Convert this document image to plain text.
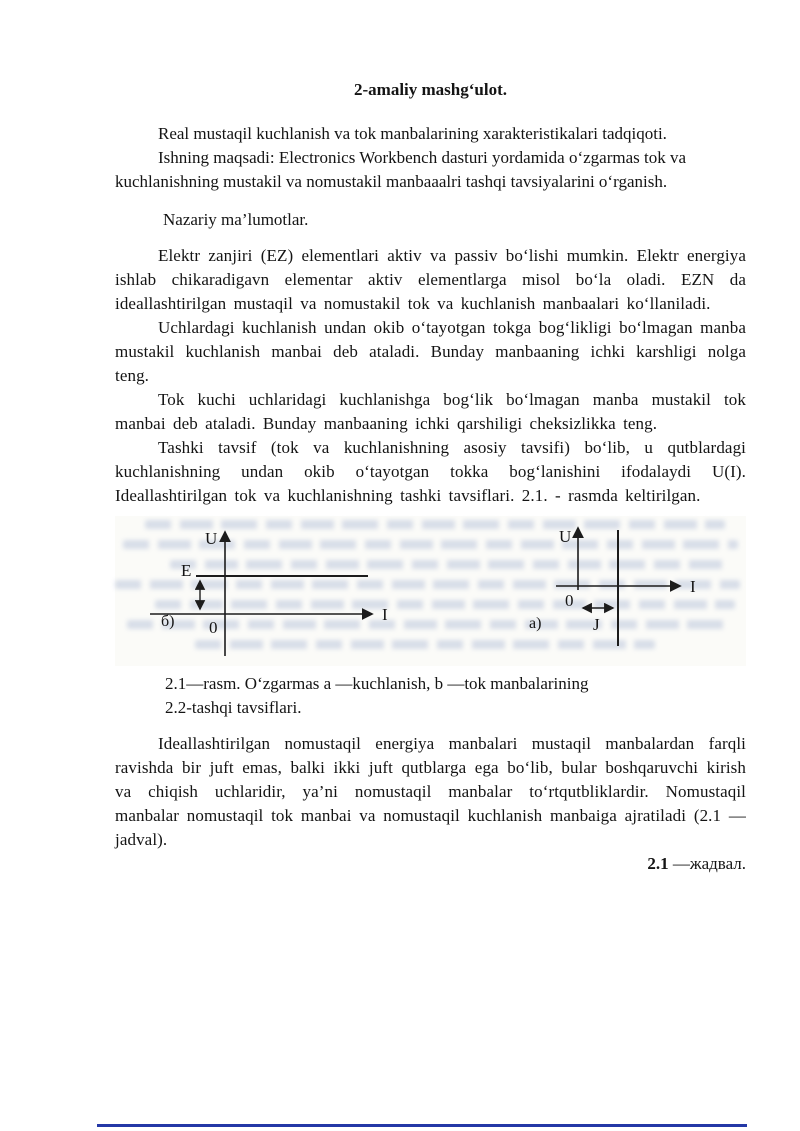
2-amaliy mashg‘ulot.

Real mustaqil kuchlanish va tok manbalarining xarakteristikalari tadqiqoti.

Ishning maqsadi: Electronics Workbench dasturi yordamida o‘zgarmas tok va kuchlanishning mustakil va nomustakil manbaaalri tashqi tavsiyalarini o‘rganish.

Nazariy ma’lumotlar.

Elektr zanjiri (EZ) elementlari aktiv va passiv bo‘lishi mumkin. Elektr energiya ishlab chikaradigavn elementar aktiv elementlarga misol bo‘la oladi. EZN da ideallashtirilgan mustaqil va nomustakil tok va kuchlanish manbaalari ko‘llaniladi.

Uchlardagi kuchlanish undan okib o‘tayotgan tokga bog‘likligi bo‘lmagan manba mustakil kuchlanish manbai deb ataladi. Bunday manbaaning ichki karshligi nolga teng.

Tok kuchi uchlaridagi kuchlanishga bog‘lik bo‘lmagan manba mustakil tok manbai deb ataladi. Bunday manbaaning ichki qarshiligi cheksizlikka teng.

Tashki tavsif (tok va kuchlanishning asosiy tavsifi) bo‘lib, u qutblardagi kuchlanishning undan okib o‘tayotgan tokka bog‘lanishini ifodalaydi U(I). Ideallashtirilgan tok va kuchlanishning tashki tavsiflari. 2.1. - rasmda keltirilgan.

U
I
E
0
б)
U
I
0
J
a)
2.1—rasm. O‘zgarmas a —kuchlanish, b —tok manbalarining
2.2-tashqi tavsiflari.

Ideallashtirilgan nomustaqil energiya manbalari mustaqil manbalardan farqli ravishda bir juft emas, balki ikki juft qutblarga ega bo‘lib, bular boshqaruvchi kirish va chiqish uchlaridir, ya’ni nomustaqil manbalar to‘rtqutbliklardir. Nomustaqil manbalar nomustaqil tok manbai va nomustaqil kuchlanish manbaiga ajratiladi (2.1 — jadval).

2.1 —жадвал.
